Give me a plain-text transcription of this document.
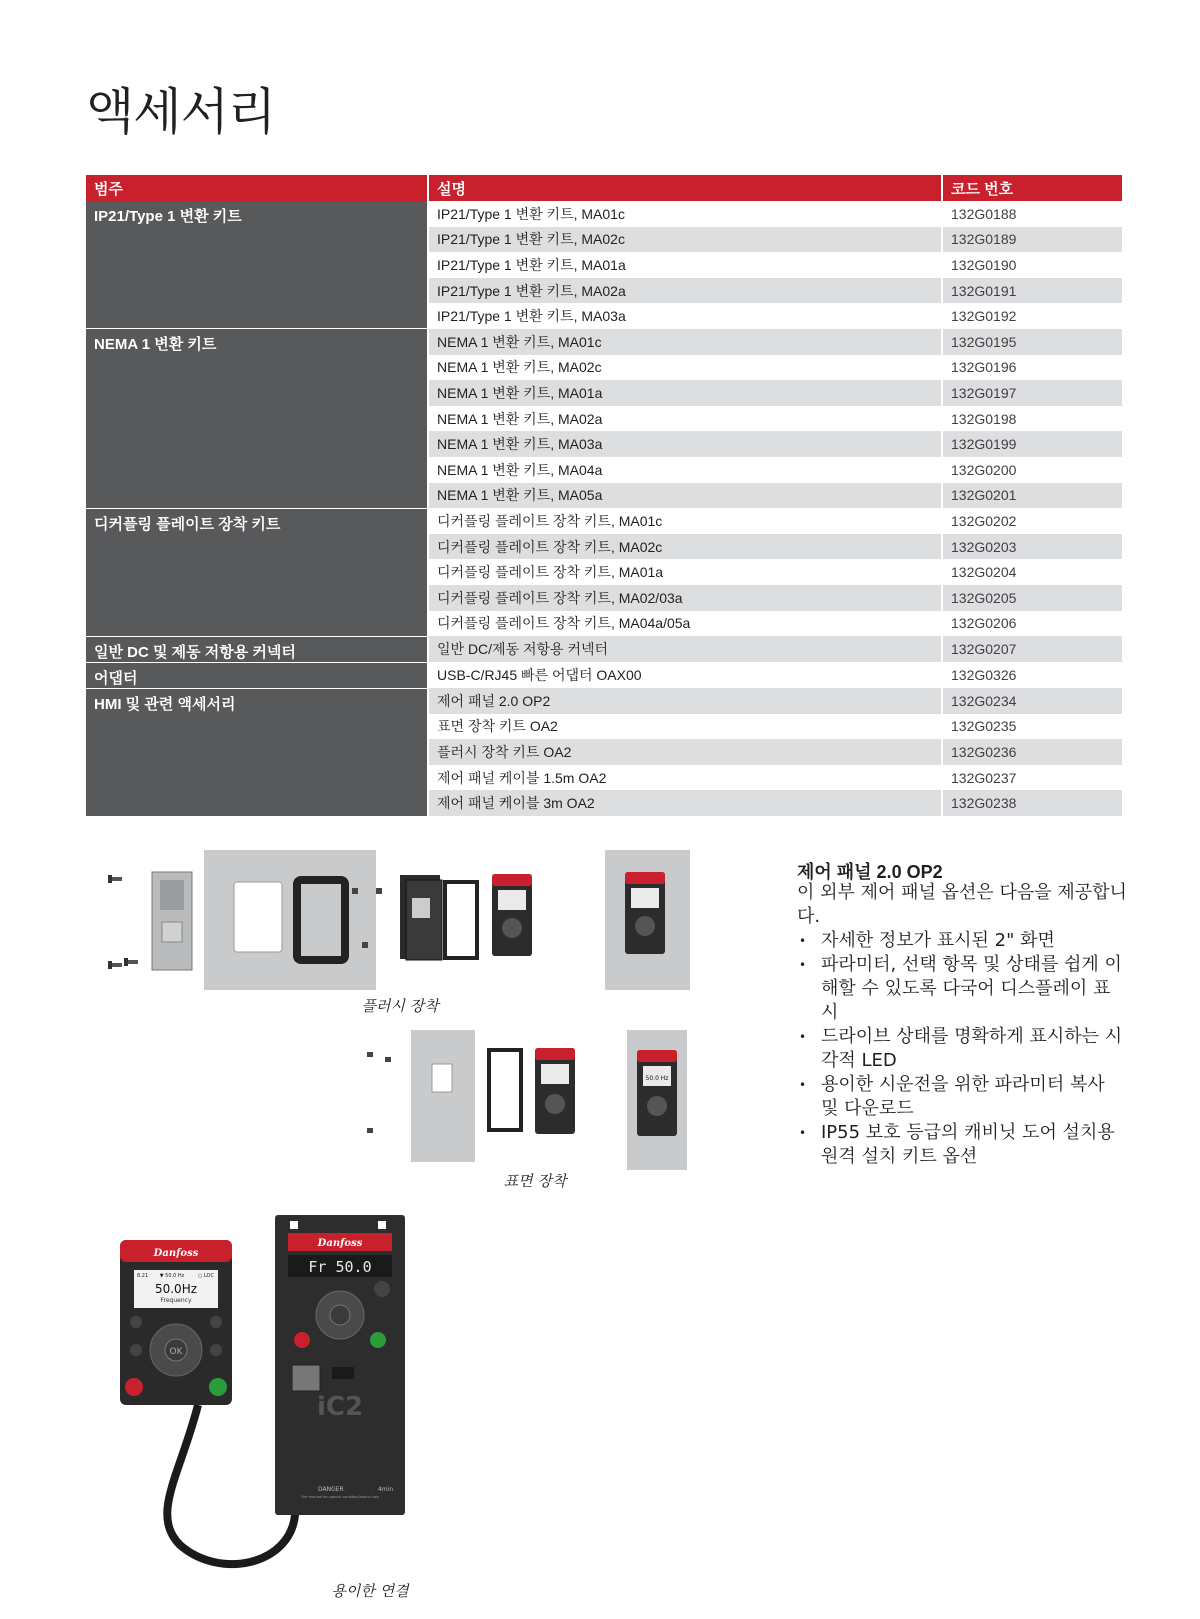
액세서리
범주	설명	코드 번호
IP21/Type 1 변환 키트	IP21/Type 1 변환 키트, MA01c	132G0188
	IP21/Type 1 변환 키트, MA02c	132G0189
	IP21/Type 1 변환 키트, MA01a	132G0190
	IP21/Type 1 변환 키트, MA02a	132G0191
	IP21/Type 1 변환 키트, MA03a	132G0192
NEMA 1 변환 키트	NEMA 1 변환 키트, MA01c	132G0195
	NEMA 1 변환 키트, MA02c	132G0196
	NEMA 1 변환 키트, MA01a	132G0197
	NEMA 1 변환 키트, MA02a	132G0198
	NEMA 1 변환 키트, MA03a	132G0199
	NEMA 1 변환 키트, MA04a	132G0200
	NEMA 1 변환 키트, MA05a	132G0201
디커플링 플레이트 장착 키트	디커플링 플레이트 장착 키트, MA01c	132G0202
	디커플링 플레이트 장착 키트, MA02c	132G0203
	디커플링 플레이트 장착 키트, MA01a	132G0204
	디커플링 플레이트 장착 키트, MA02/03a	132G0205
	디커플링 플레이트 장착 키트, MA04a/05a	132G0206
일반 DC 및 제동 저항용 커넥터	일반 DC/제동 저항용 커넥터	132G0207
어댑터	USB-C/RJ45 빠른 어댑터 OAX00	132G0326
HMI 및 관련 액세서리	제어 패널 2.0 OP2	132G0234
	표면 장착 키트 OA2	132G0235
	플러시 장착 키트 OA2	132G0236
	제어 패널 케이블 1.5m OA2	132G0237
	제어 패널 케이블 3m OA2	132G0238
플러시 장착
50.0 Hz
표면 장착
Danfoss
8.21 ▼ 50.0 Hz	○ LOC
50.0Hz
Frequency
OK
Danfoss
Fr 50.0
iC2
DANGER	4min
See manual for special condition/mains fuse
용이한 연결
제어 패널 2.0 OP2
이 외부 제어 패널 옵션은 다음을 제공합니다.
• 자세한 정보가 표시된 2" 화면
• 파라미터, 선택 항목 및 상태를 쉽게 이해할 수 있도록 다국어 디스플레이 표시
• 드라이브 상태를 명확하게 표시하는 시각적 LED
• 용이한 시운전을 위한 파라미터 복사 및 다운로드
• IP55 보호 등급의 캐비닛 도어 설치용 원격 설치 키트 옵션
